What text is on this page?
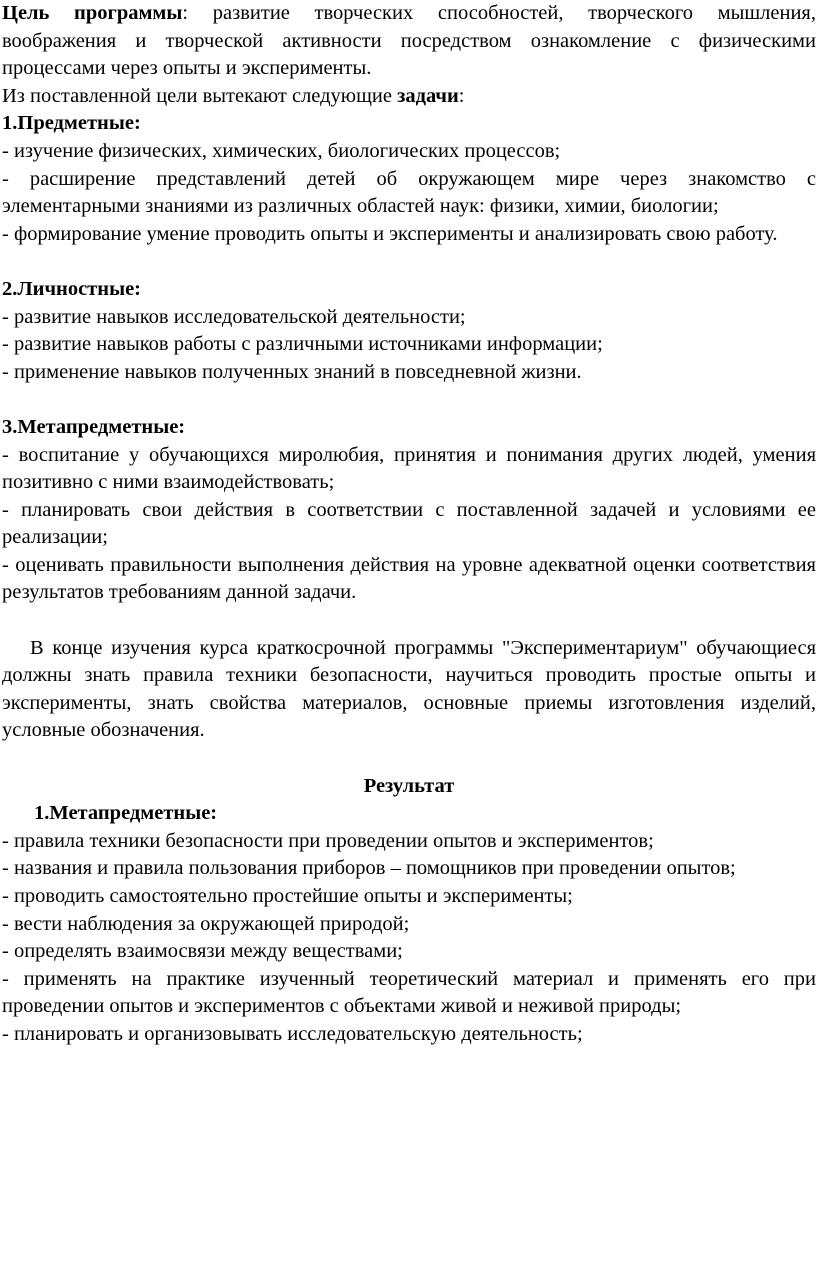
Цель программы: развитие творческих способностей, творческого мышления, воображения и творческой активности посредством ознакомление с физическими процессами через опыты и эксперименты.

Из поставленной цели вытекают следующие задачи:

1.Предметные:

- изучение физических, химических, биологических процессов;

- расширение представлений детей об окружающем мире через знакомство с элементарными знаниями из различных областей наук: физики, химии, биологии;

- формирование умение проводить опыты и эксперименты и анализировать свою работу.

2.Личностные:

- развитие навыков исследовательской деятельности;

- развитие навыков работы с различными источниками информации;

- применение навыков полученных знаний в повседневной жизни.

3.Метапредметные:

- воспитание у обучающихся миролюбия, принятия и понимания других людей, умения позитивно с ними взаимодействовать;

- планировать свои действия в соответствии с поставленной задачей и условиями ее реализации;

- оценивать правильности выполнения действия на уровне адекватной оценки соответствия результатов требованиям данной задачи.

В конце изучения курса краткосрочной программы "Экспериментариум" обучающиеся должны знать правила техники безопасности, научиться проводить простые опыты и эксперименты, знать свойства материалов, основные приемы изготовления изделий, условные обозначения.

Результат

1.Метапредметные:

- правила техники безопасности при проведении опытов и экспериментов;

- названия и правила пользования приборов – помощников при проведении опытов;

- проводить самостоятельно простейшие опыты и эксперименты;

- вести наблюдения за окружающей природой;

- определять взаимосвязи между веществами;

- применять на практике изученный теоретический материал и применять его при проведении опытов и экспериментов с объектами живой и неживой природы;

- планировать и организовывать исследовательскую деятельность;
